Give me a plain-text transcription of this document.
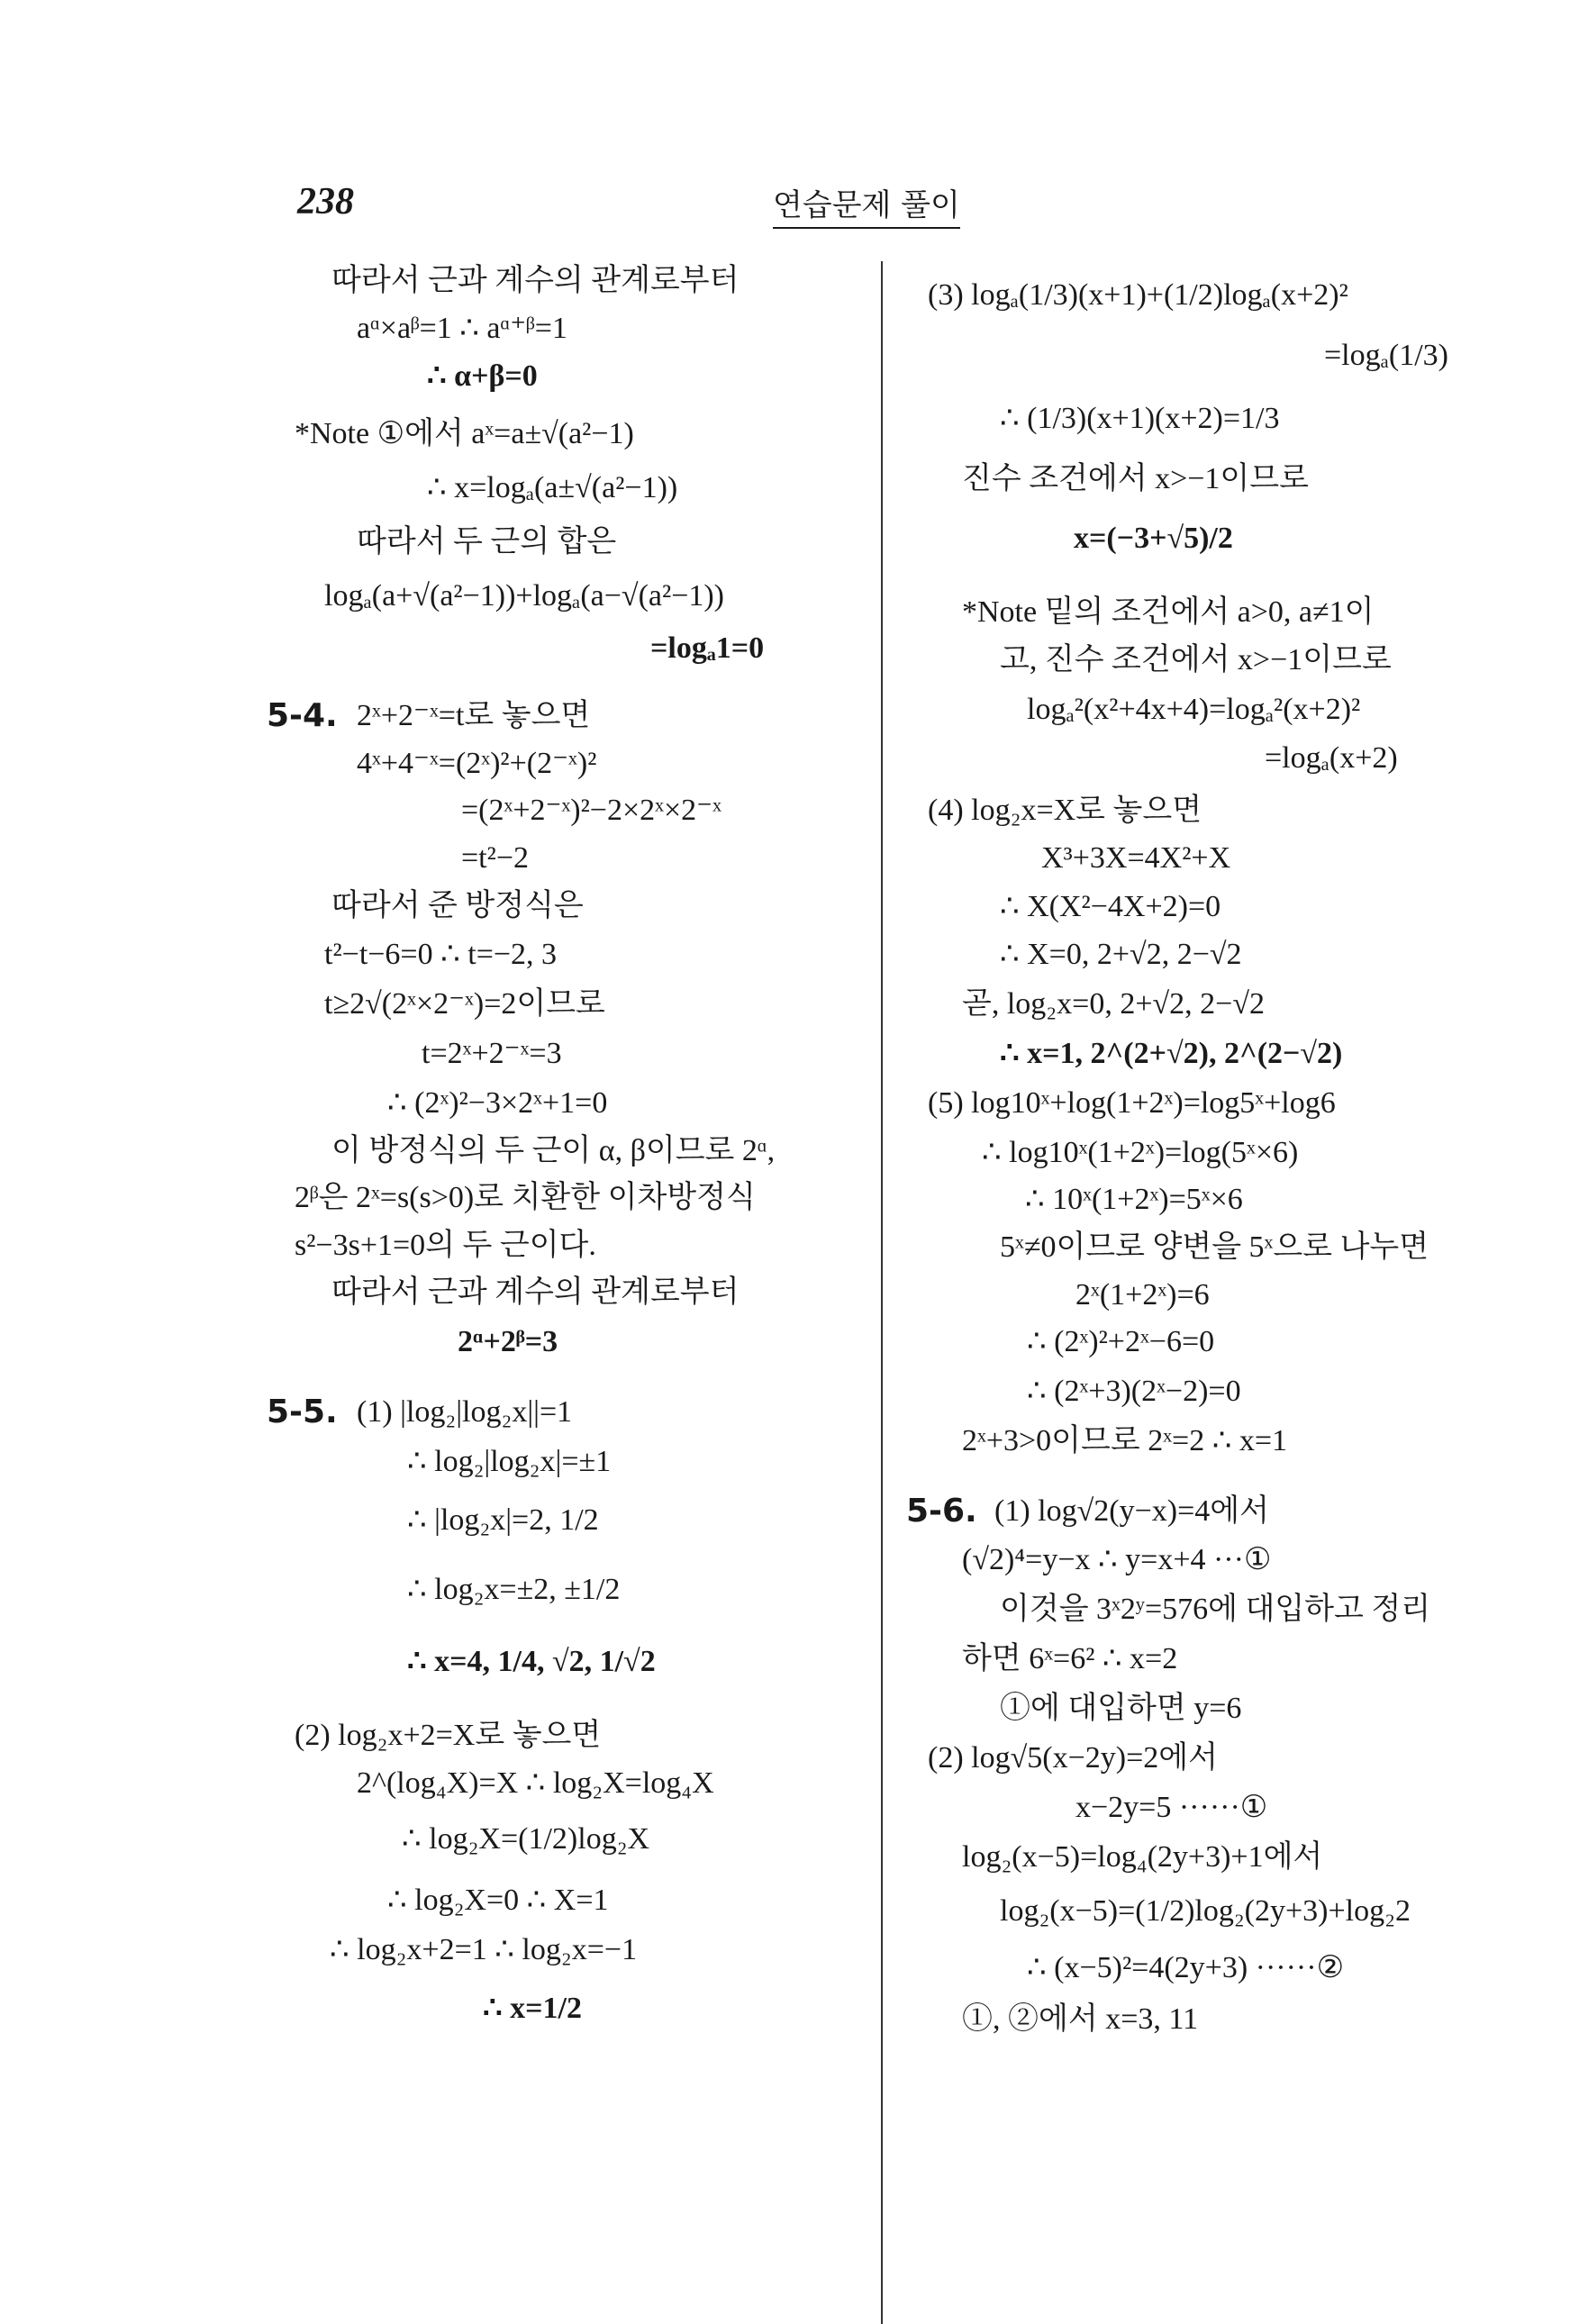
238	연습문제 풀이
따라서 근과 계수의 관계로부터
aᵅ×aᵝ=1 ∴ aᵅ⁺ᵝ=1
∴ α+β=0
*Note ①에서 aˣ=a±√(a²−1)
∴ x=logₐ(a±√(a²−1))
따라서 두 근의 합은
logₐ(a+√(a²−1))+logₐ(a−√(a²−1))
=logₐ1=0
5-4. 2ˣ+2⁻ˣ=t로 놓으면
4ˣ+4⁻ˣ=(2ˣ)²+(2⁻ˣ)²
=(2ˣ+2⁻ˣ)²−2×2ˣ×2⁻ˣ
=t²−2
따라서 준 방정식은
t²−t−6=0 ∴ t=−2, 3
t≥2√(2ˣ×2⁻ˣ)=2이므로
t=2ˣ+2⁻ˣ=3
∴ (2ˣ)²−3×2ˣ+1=0
이 방정식의 두 근이 α, β이므로 2ᵅ,
2ᵝ은 2ˣ=s(s>0)로 치환한 이차방정식
s²−3s+1=0의 두 근이다.
따라서 근과 계수의 관계로부터
2ᵅ+2ᵝ=3
5-5. (1) |log₂|log₂x||=1
∴ log₂|log₂x|=±1
∴ |log₂x|=2, 1/2
∴ log₂x=±2, ±1/2
∴ x=4, 1/4, √2, 1/√2
(2) log₂x+2=X로 놓으면
2^(log₄X)=X ∴ log₂X=log₄X
∴ log₂X=(1/2)log₂X
∴ log₂X=0 ∴ X=1
∴ log₂x+2=1 ∴ log₂x=−1
∴ x=1/2
(3) logₐ(1/3)(x+1)+(1/2)logₐ(x+2)²
=logₐ(1/3)
∴ (1/3)(x+1)(x+2)=1/3
진수 조건에서 x>−1이므로
x=(−3+√5)/2
*Note 밑의 조건에서 a>0, a≠1이
고, 진수 조건에서 x>−1이므로
logₐ²(x²+4x+4)=logₐ²(x+2)²
=logₐ(x+2)
(4) log₂x=X로 놓으면
X³+3X=4X²+X
∴ X(X²−4X+2)=0
∴ X=0, 2+√2, 2−√2
곧, log₂x=0, 2+√2, 2−√2
∴ x=1, 2^(2+√2), 2^(2−√2)
(5) log10ˣ+log(1+2ˣ)=log5ˣ+log6
∴ log10ˣ(1+2ˣ)=log(5ˣ×6)
∴ 10ˣ(1+2ˣ)=5ˣ×6
5ˣ≠0이므로 양변을 5ˣ으로 나누면
2ˣ(1+2ˣ)=6
∴ (2ˣ)²+2ˣ−6=0
∴ (2ˣ+3)(2ˣ−2)=0
2ˣ+3>0이므로 2ˣ=2 ∴ x=1
5-6. (1) log√2(y−x)=4에서
(√2)⁴=y−x ∴ y=x+4 ···①
이것을 3ˣ2ʸ=576에 대입하고 정리
하면 6ˣ=6² ∴ x=2
①에 대입하면 y=6
(2) log√5(x−2y)=2에서
x−2y=5 ······①
log₂(x−5)=log₄(2y+3)+1에서
log₂(x−5)=(1/2)log₂(2y+3)+log₂2
∴ (x−5)²=4(2y+3) ······②
①, ②에서 x=3, 11
